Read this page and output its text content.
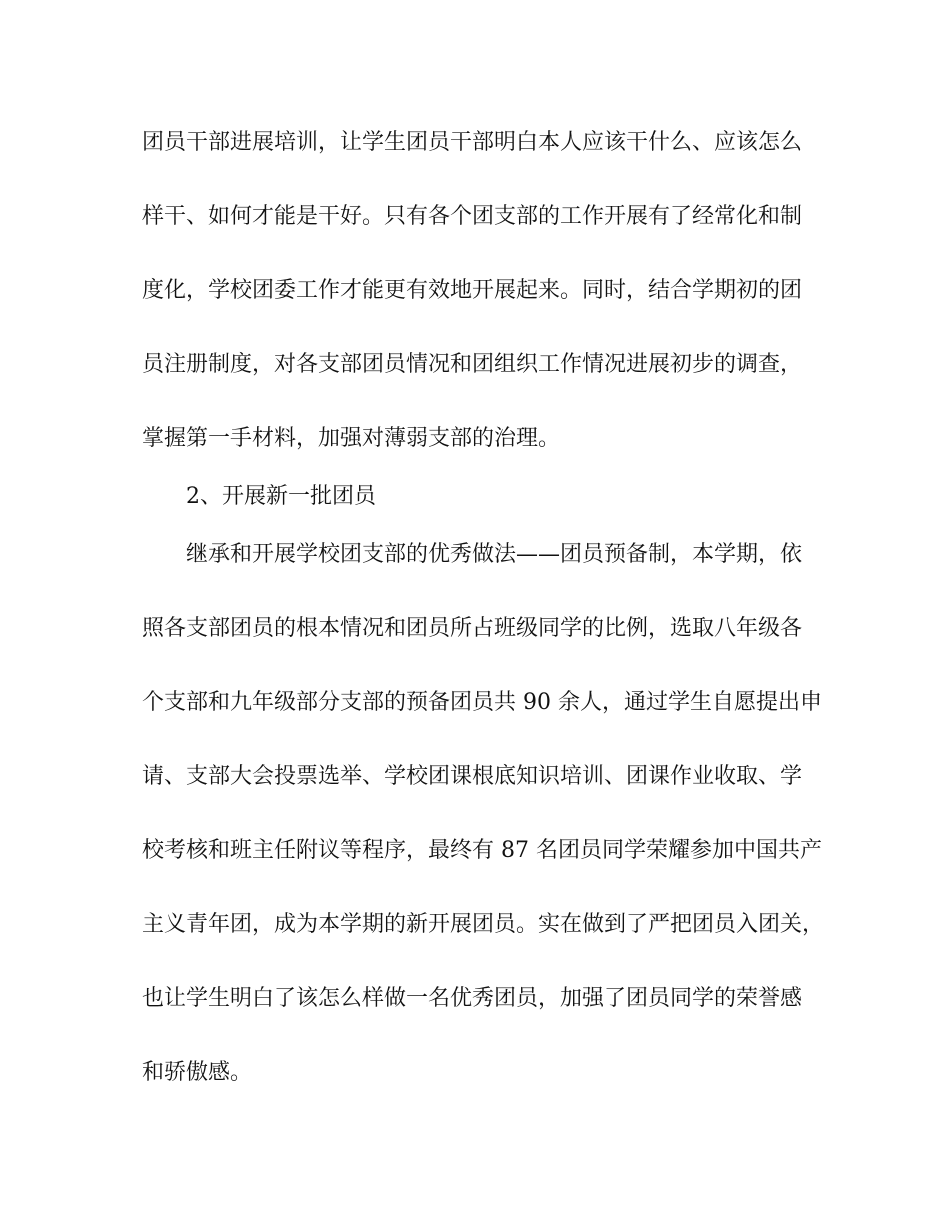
团员干部进展培训，让学生团员干部明白本人应该干什么、应该怎么
样干、如何才能是干好。只有各个团支部的工作开展有了经常化和制
度化，学校团委工作才能更有效地开展起来。同时，结合学期初的团
员注册制度，对各支部团员情况和团组织工作情况进展初步的调查，
掌握第一手材料，加强对薄弱支部的治理。
2、开展新一批团员
继承和开展学校团支部的优秀做法——团员预备制，本学期，依
照各支部团员的根本情况和团员所占班级同学的比例，选取八年级各
个支部和九年级部分支部的预备团员共 90 余人，通过学生自愿提出申
请、支部大会投票选举、学校团课根底知识培训、团课作业收取、学
校考核和班主任附议等程序，最终有 87 名团员同学荣耀参加中国共产
主义青年团，成为本学期的新开展团员。实在做到了严把团员入团关，
也让学生明白了该怎么样做一名优秀团员，加强了团员同学的荣誉感
和骄傲感。
